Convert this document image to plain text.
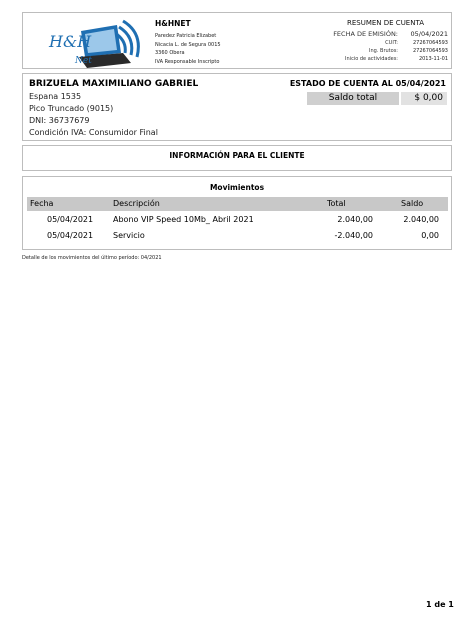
H&H
Net
H&HNET
Paredez Patricia Elizabet
Nicacia L. de Segura 0015
3360 Obera
IVA Responsable Inscripto
RESUMEN DE CUENTA
FECHA DE EMISIÓN:	05/04/2021
CUIT:	27267064593
Ing. Brutos:	27267064593
Inicio de actividades:	2013-11-01
BRIZUELA MAXIMILIANO GABRIEL
Espana 1535
Pico Truncado (9015)
DNI: 36737679
Condición IVA: Consumidor Final
ESTADO DE CUENTA AL 05/04/2021
Saldo total	$ 0,00
INFORMACIÓN PARA EL CLIENTE
Movimientos
Fecha	Descripción	Total	Saldo
05/04/2021 Abono VIP Speed 10Mb_ Abril 2021	2.040,00	2.040,00
05/04/2021 Servicio	-2.040,00	0,00
Detalle de los movimientos del último período: 04/2021
1 de 1
